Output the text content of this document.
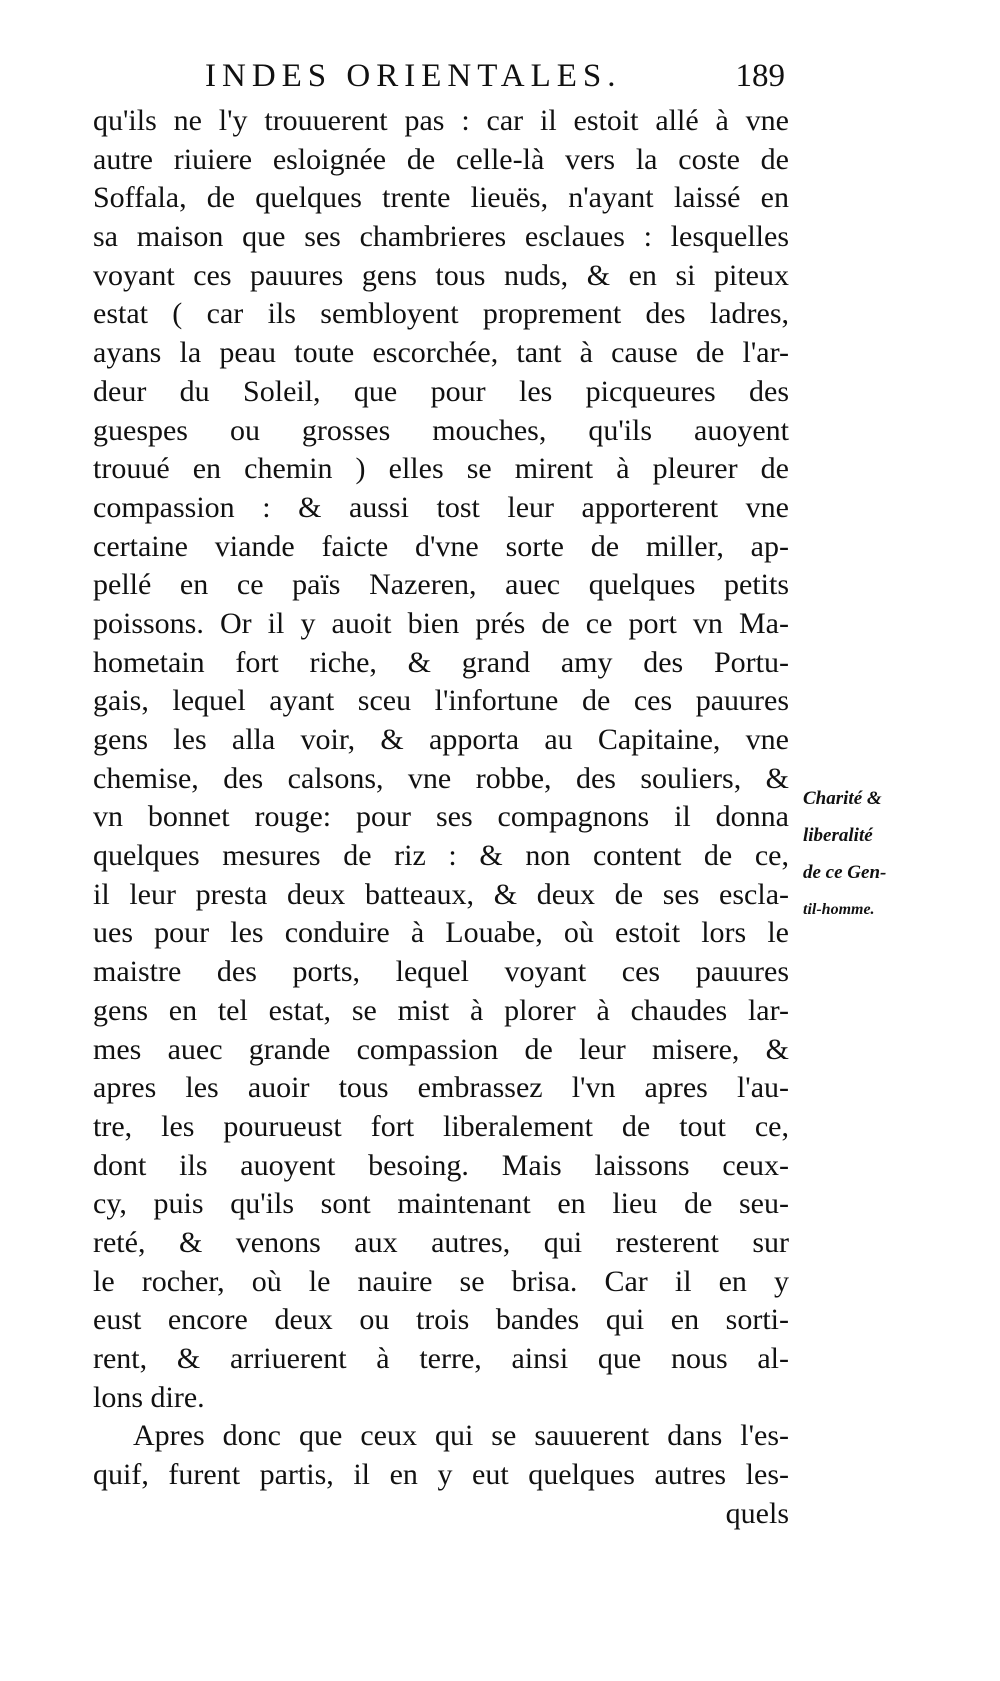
INDES ORIENTALES.	189
qu'ils ne l'y trouuerent pas : car il estoit allé à vne
autre riuiere esloignée de celle-là vers la coste de
Soffala, de quelques trente lieuës, n'ayant laissé en
sa maison que ses chambrieres esclaues : lesquelles
voyant ces pauures gens tous nuds, & en si piteux
estat ( car ils sembloyent proprement des ladres,
ayans la peau toute escorchée, tant à cause de l'ar-
deur du Soleil, que pour les picqueures des
guespes ou grosses mouches, qu'ils auoyent
trouué en chemin ) elles se mirent à pleurer de
compassion : & aussi tost leur apporterent vne
certaine viande faicte d'vne sorte de miller, ap-
pellé en ce païs Nazeren, auec quelques petits
poissons. Or il y auoit bien prés de ce port vn Ma-
hometain fort riche, & grand amy des Portu-
gais, lequel ayant sceu l'infortune de ces pauures
gens les alla voir, & apporta au Capitaine, vne
chemise, des calsons, vne robbe, des souliers, &
vn bonnet rouge: pour ses compagnons il donna
quelques mesures de riz : & non content de ce,
il leur presta deux batteaux, & deux de ses escla-
ues pour les conduire à Louabe, où estoit lors le
maistre des ports, lequel voyant ces pauures
gens en tel estat, se mist à plorer à chaudes lar-
mes auec grande compassion de leur misere, &
apres les auoir tous embrassez l'vn apres l'au-
tre, les pourueust fort liberalement de tout ce,
dont ils auoyent besoing. Mais laissons ceux-
cy, puis qu'ils sont maintenant en lieu de seu-
reté, & venons aux autres, qui resterent sur
le rocher, où le nauire se brisa. Car il en y
eust encore deux ou trois bandes qui en sorti-
rent, & arriuerent à terre, ainsi que nous al-
lons dire.
Apres donc que ceux qui se sauuerent dans l'es-
quif, furent partis, il en y eut quelques autres les-
quels
Charité &
liberalité
de ce Gen-
til-homme.
